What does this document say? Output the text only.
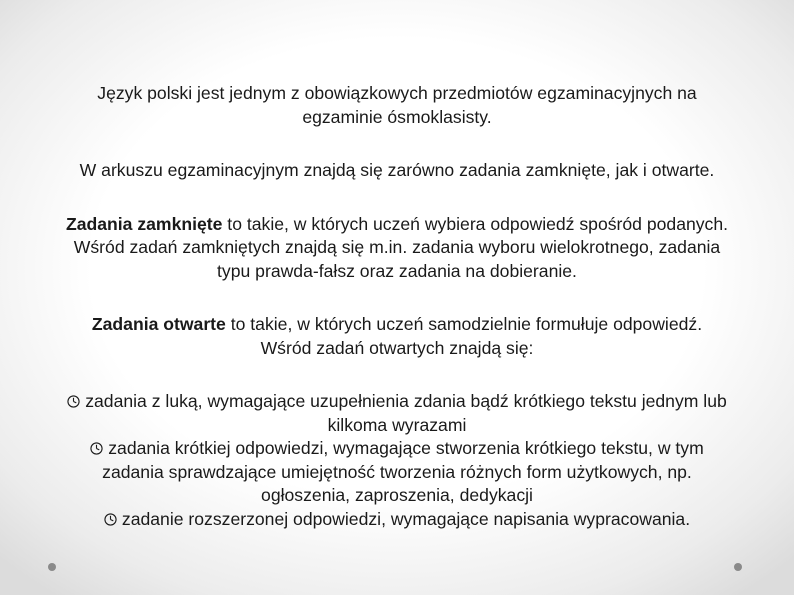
Język polski jest jednym z obowiązkowych przedmiotów egzaminacyjnych na
egzaminie ósmoklasisty.

W arkuszu egzaminacyjnym znajdą się zarówno zadania zamknięte, jak i otwarte.

Zadania zamknięte to takie, w których uczeń wybiera odpowiedź spośród podanych.
Wśród zadań zamkniętych znajdą się m.in. zadania wyboru wielokrotnego, zadania
typu prawda-fałsz oraz zadania na dobieranie.

Zadania otwarte to takie, w których uczeń samodzielnie formułuje odpowiedź.
Wśród zadań otwartych znajdą się:

zadania z luką, wymagające uzupełnienia zdania bądź krótkiego tekstu jednym lub
kilkoma wyrazami

zadania krótkiej odpowiedzi, wymagające stworzenia krótkiego tekstu, w tym
zadania sprawdzające umiejętność tworzenia różnych form użytkowych, np.
ogłoszenia, zaproszenia, dedykacji

zadanie rozszerzonej odpowiedzi, wymagające napisania wypracowania.
